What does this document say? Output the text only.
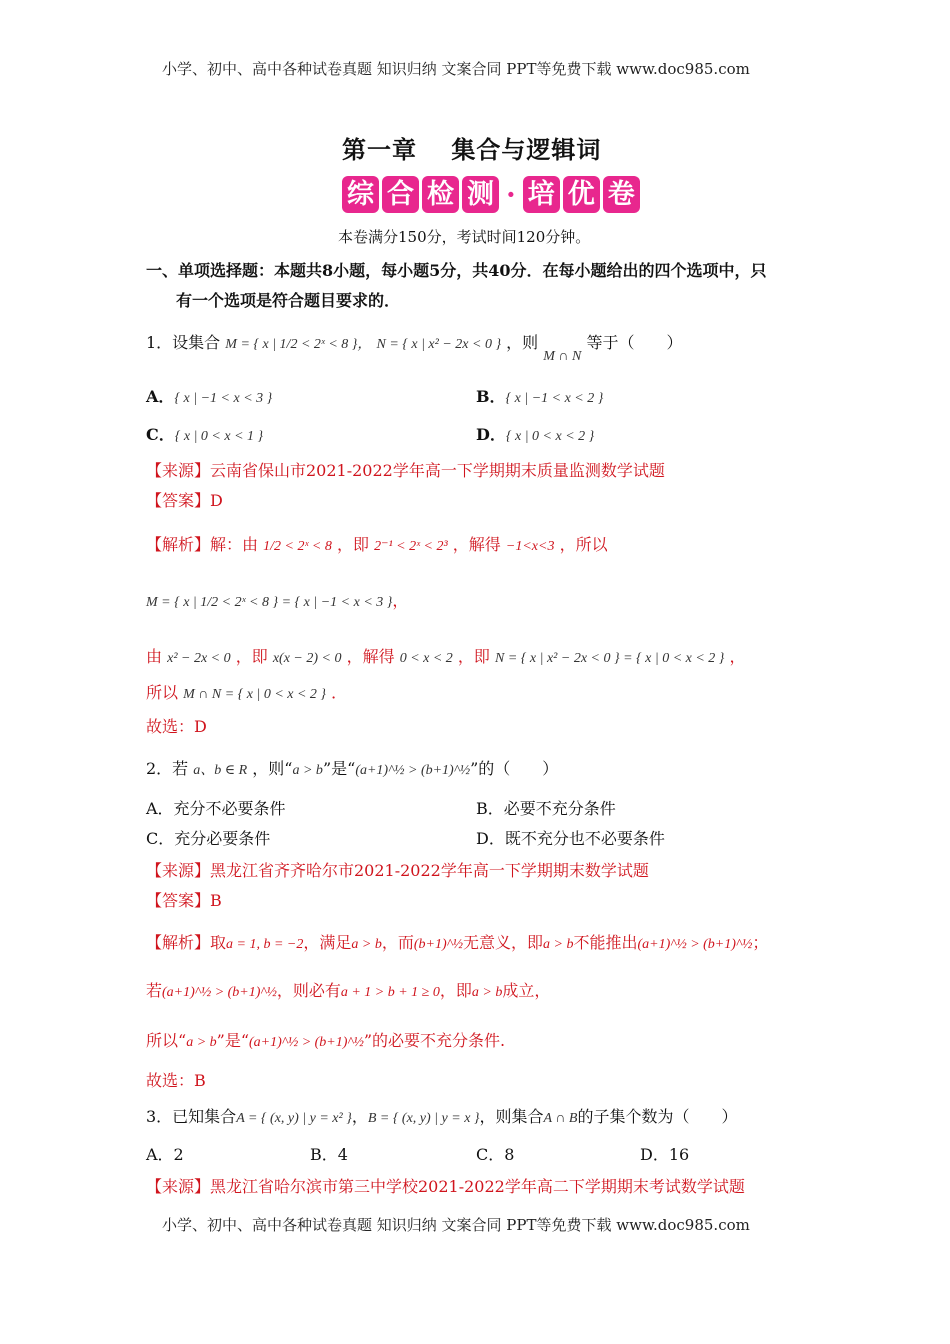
小学、初中、高中各种试卷真题 知识归纳 文案合同 PPT等免费下载 www.doc985.com
小学、初中、高中各种试卷真题 知识归纳 文案合同 PPT等免费下载 www.doc985.com
第一章　 集合与逻辑词
综 合 检 测 · 培 优 卷
本卷满分150分，考试时间120分钟。
一、单项选择题：本题共8小题，每小题5分，共40分．在每小题给出的四个选项中，只
有一个选项是符合题目要求的．
1．设集合 M = { x | 1/2 < 2ˣ < 8 }， N = { x | x² − 2x < 0 } ，则 M ∩ N 等于（　　）
A．{ x | −1 < x < 3 }	B．{ x | −1 < x < 2 }
C．{ x | 0 < x < 1 }	D．{ x | 0 < x < 2 }
【来源】云南省保山市2021-2022学年高一下学期期末质量监测数学试题
【答案】D
【解析】解：由 1/2 < 2ˣ < 8 ，即 2⁻¹ < 2ˣ < 2³ ，解得 −1<x<3 ，所以
M = { x | 1/2 < 2ˣ < 8 } = { x | −1 < x < 3 }，
由 x² − 2x < 0 ，即 x(x − 2) < 0 ，解得 0 < x < 2 ，即 N = { x | x² − 2x < 0 } = { x | 0 < x < 2 } ，
所以 M ∩ N = { x | 0 < x < 2 } ．
故选：D
2．若 a、b ∈ R ，则“a > b”是“(a+1)^½ > (b+1)^½”的（　　）
A．充分不必要条件	B．必要不充分条件
C．充分必要条件	D．既不充分也不必要条件
【来源】黑龙江省齐齐哈尔市2021-2022学年高一下学期期末数学试题
【答案】B
【解析】取a = 1, b = −2，满足a > b，而(b+1)^½无意义，即a > b不能推出(a+1)^½ > (b+1)^½；
若(a+1)^½ > (b+1)^½，则必有a + 1 > b + 1 ≥ 0，即a > b成立，
所以“a > b”是“(a+1)^½ > (b+1)^½”的必要不充分条件.
故选：B
3．已知集合A = { (x, y) | y = x² }，B = { (x, y) | y = x }，则集合A ∩ B的子集个数为（　　）
A．2	B．4	C．8	D．16
【来源】黑龙江省哈尔滨市第三中学校2021-2022学年高二下学期期末考试数学试题
